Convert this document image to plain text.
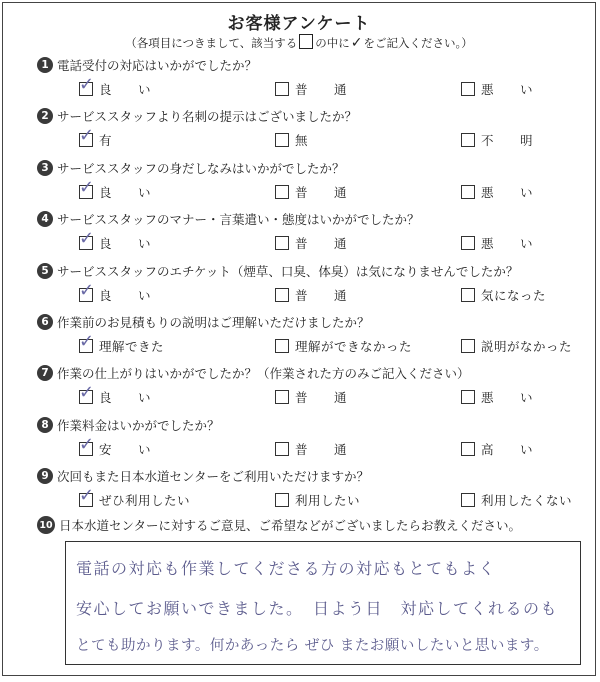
お客様アンケート
（各項目につきまして、該当する の中に✓をご記入ください。）
1 電話受付の対応はいかがでしたか？
✓ 良　　い	普　　通	悪　　い
2 サービススタッフより名刺の提示はございましたか？
✓ 有	無	不　　明
3 サービススタッフの身だしなみはいかがでしたか？
✓ 良　　い	普　　通	悪　　い
4 サービススタッフのマナー・言葉遣い・態度はいかがでしたか？
✓ 良　　い	普　　通	悪　　い
5 サービススタッフのエチケット（煙草、口臭、体臭）は気になりませんでしたか？
✓ 良　　い	普　　通	気になった
6 作業前のお見積もりの説明はご理解いただけましたか？
✓ 理解できた	理解ができなかった	説明がなかった
7 作業の仕上がりはいかがでしたか？（作業された方のみご記入ください）
✓ 良　　い	普　　通	悪　　い
8 作業料金はいかがでしたか？
✓ 安　　い	普　　通	高　　い
9 次回もまた日本水道センターをご利用いただけますか？
✓ ぜひ利用したい	利用したい	利用したくない
10 日本水道センターに対するご意見、ご希望などがございましたらお教えください。
電話の対応も作業してくださる方の対応もとてもよく
安心してお願いできました。　日よう日　対応してくれるのも
とても助かります。何かあったら ぜひ またお願いしたいと思います。
